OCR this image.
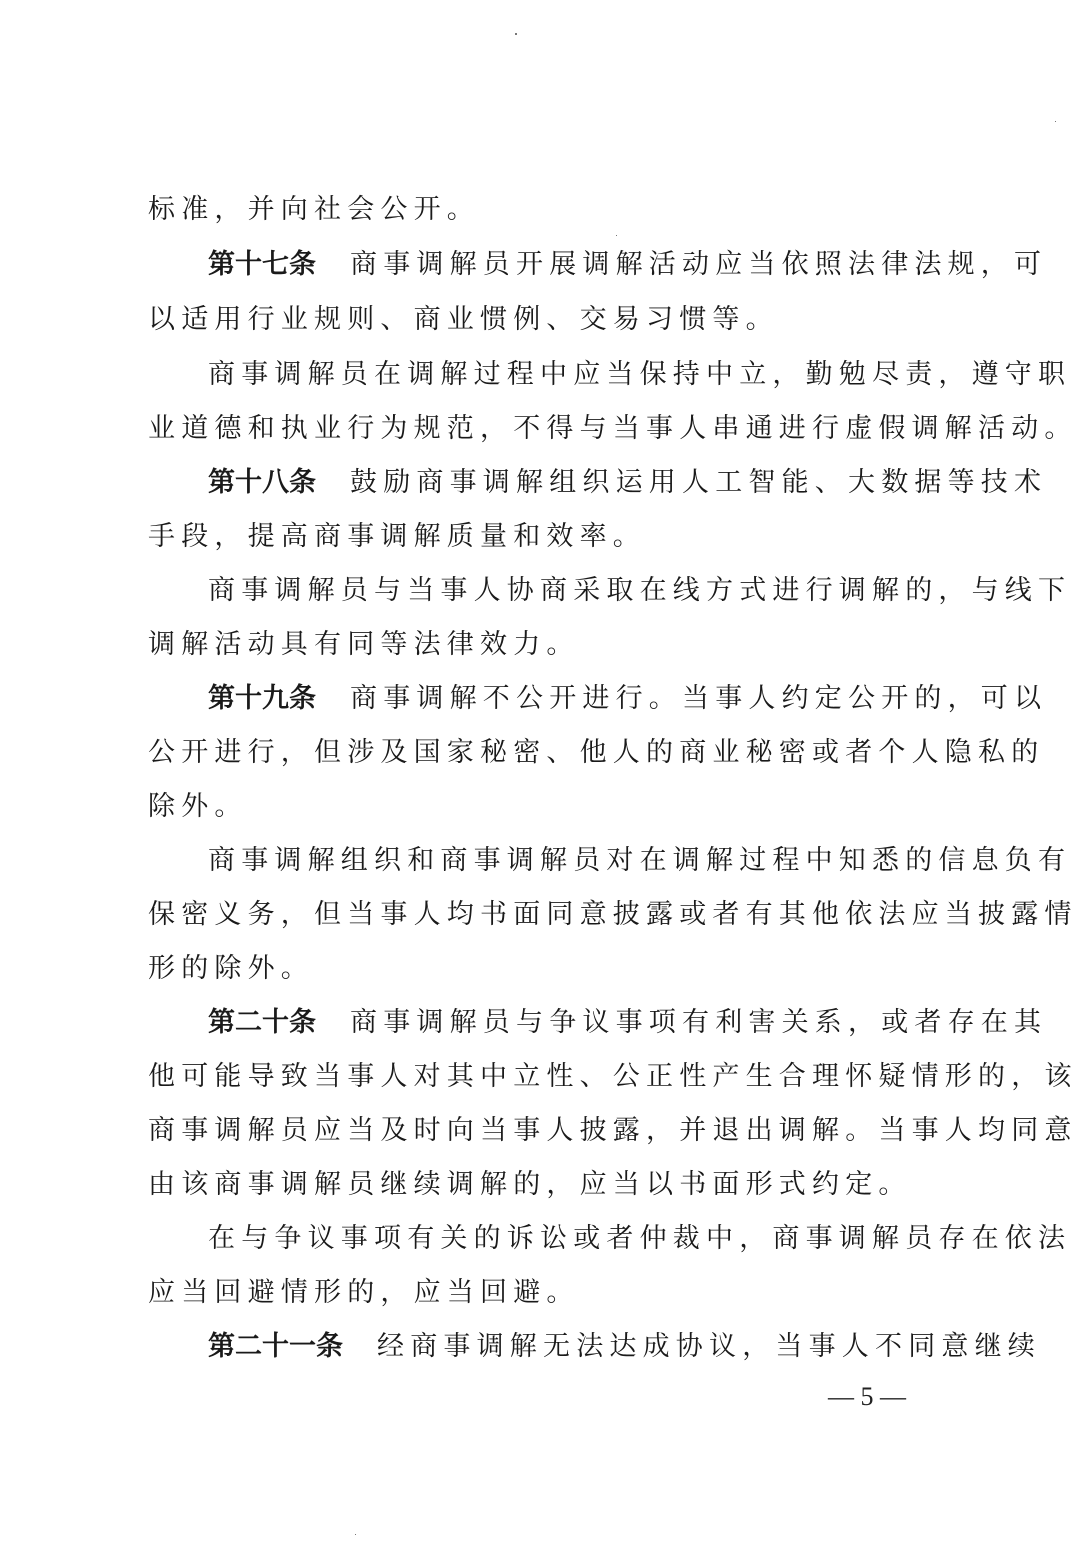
标准，并向社会公开。
第十七条 商事调解员开展调解活动应当依照法律法规，可
以适用行业规则、商业惯例、交易习惯等。
商事调解员在调解过程中应当保持中立，勤勉尽责，遵守职
业道德和执业行为规范，不得与当事人串通进行虚假调解活动。
第十八条 鼓励商事调解组织运用人工智能、大数据等技术
手段，提高商事调解质量和效率。
商事调解员与当事人协商采取在线方式进行调解的，与线下
调解活动具有同等法律效力。
第十九条 商事调解不公开进行。当事人约定公开的，可以
公开进行，但涉及国家秘密、他人的商业秘密或者个人隐私的
除外。
商事调解组织和商事调解员对在调解过程中知悉的信息负有
保密义务，但当事人均书面同意披露或者有其他依法应当披露情
形的除外。
第二十条 商事调解员与争议事项有利害关系，或者存在其
他可能导致当事人对其中立性、公正性产生合理怀疑情形的，该
商事调解员应当及时向当事人披露，并退出调解。当事人均同意
由该商事调解员继续调解的，应当以书面形式约定。
在与争议事项有关的诉讼或者仲裁中，商事调解员存在依法
应当回避情形的，应当回避。
第二十一条 经商事调解无法达成协议，当事人不同意继续
— 5 —
